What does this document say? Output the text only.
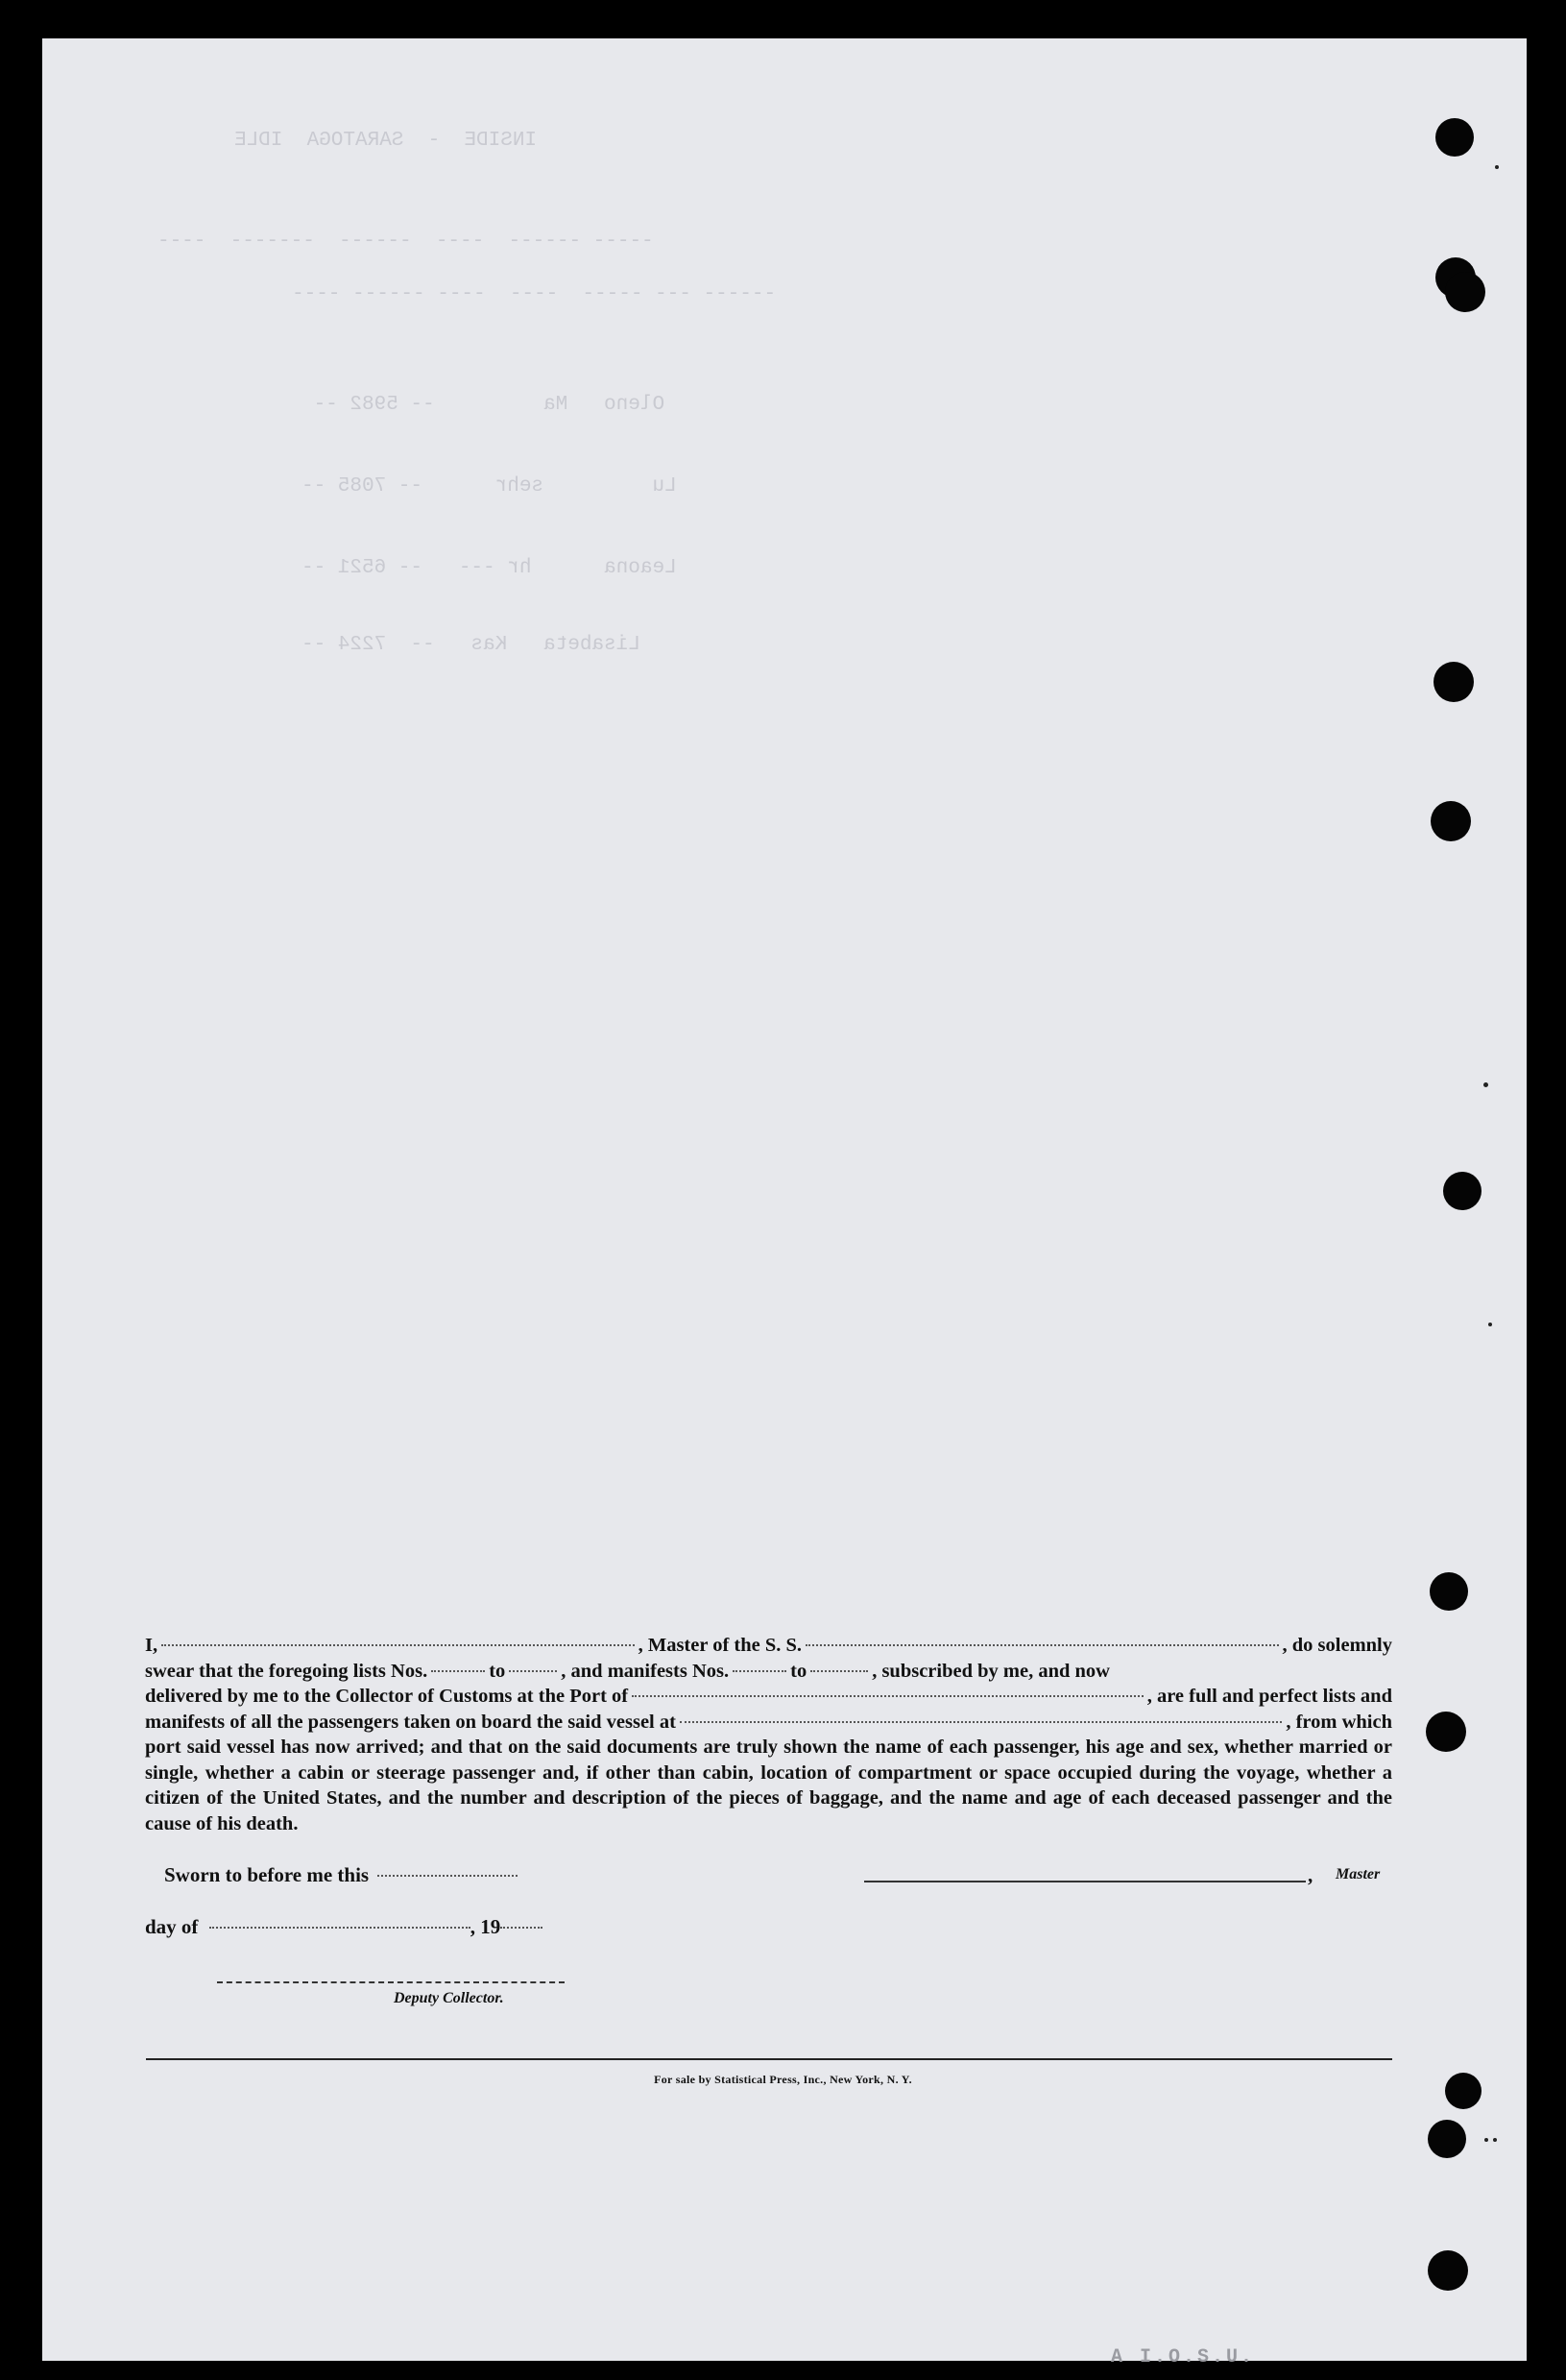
Oleno   Ma         -- 5982 --
Lu         sehr      -- 7085 --
Leaona      hr ---   -- 6521 --
Lisabeta   Kas   --  7224 --
INSIDE  -  SARATOGA  IDLE
----- ------  ----  ------  -------  ----
------ --- -----  ----  ---- ------ ----
I,	, Master of the S. S.	, do solemnly
swear that the foregoing lists Nos.	to	, and manifests Nos.	to	, subscribed by me, and now
delivered by me to the Collector of Customs at the Port of	, are full and perfect lists and
manifests of all the passengers taken on board the said vessel at	, from which

port said vessel has now arrived; and that on the said documents are truly shown the name of each passenger, his age and sex, whether married or single, whether a cabin or steerage passenger and, if other than cabin, location of compartment or space occupied during the voyage, whether a citizen of the United States, and the number and description of the pieces of baggage, and the name and age of each deceased passenger and the cause of his death.

Sworn to before me this	, Master
day of	, 19
Deputy Collector.
For sale by Statistical Press, Inc., New York, N. Y.
A I.O.S.U.
